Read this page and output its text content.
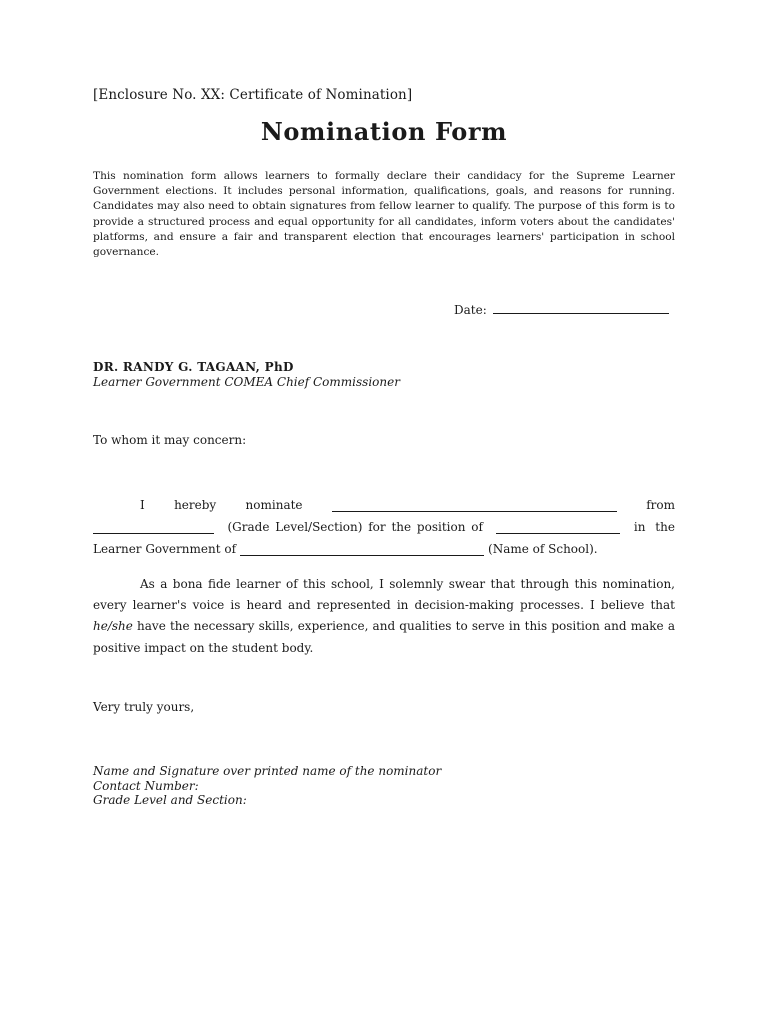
[Enclosure No. XX: Certificate of Nomination]
Nomination Form

This nomination form allows learners to formally declare their candidacy for the Supreme Learner Government elections. It includes personal information, qualifications, goals, and reasons for running. Candidates may also need to obtain signatures from fellow learner to qualify. The purpose of this form is to provide a structured process and equal opportunity for all candidates, inform voters about the candidates' platforms, and ensure a fair and transparent election that encourages learners' participation in school governance.

Date:
DR. RANDY G. TAGAAN, PhD
Learner Government COMEA Chief Commissioner
To whom it may concern:
I hereby nominate	from
(Grade Level/Section) for the position of	in the
Learner Government of	(Name of School).

As a bona fide learner of this school, I solemnly swear that through this nomination, every learner's voice is heard and represented in decision-making processes. I believe that he/she have the necessary skills, experience, and qualities to serve in this position and make a positive impact on the student body.

Very truly yours,
Name and Signature over printed name of the nominator
Contact Number:
Grade Level and Section:
